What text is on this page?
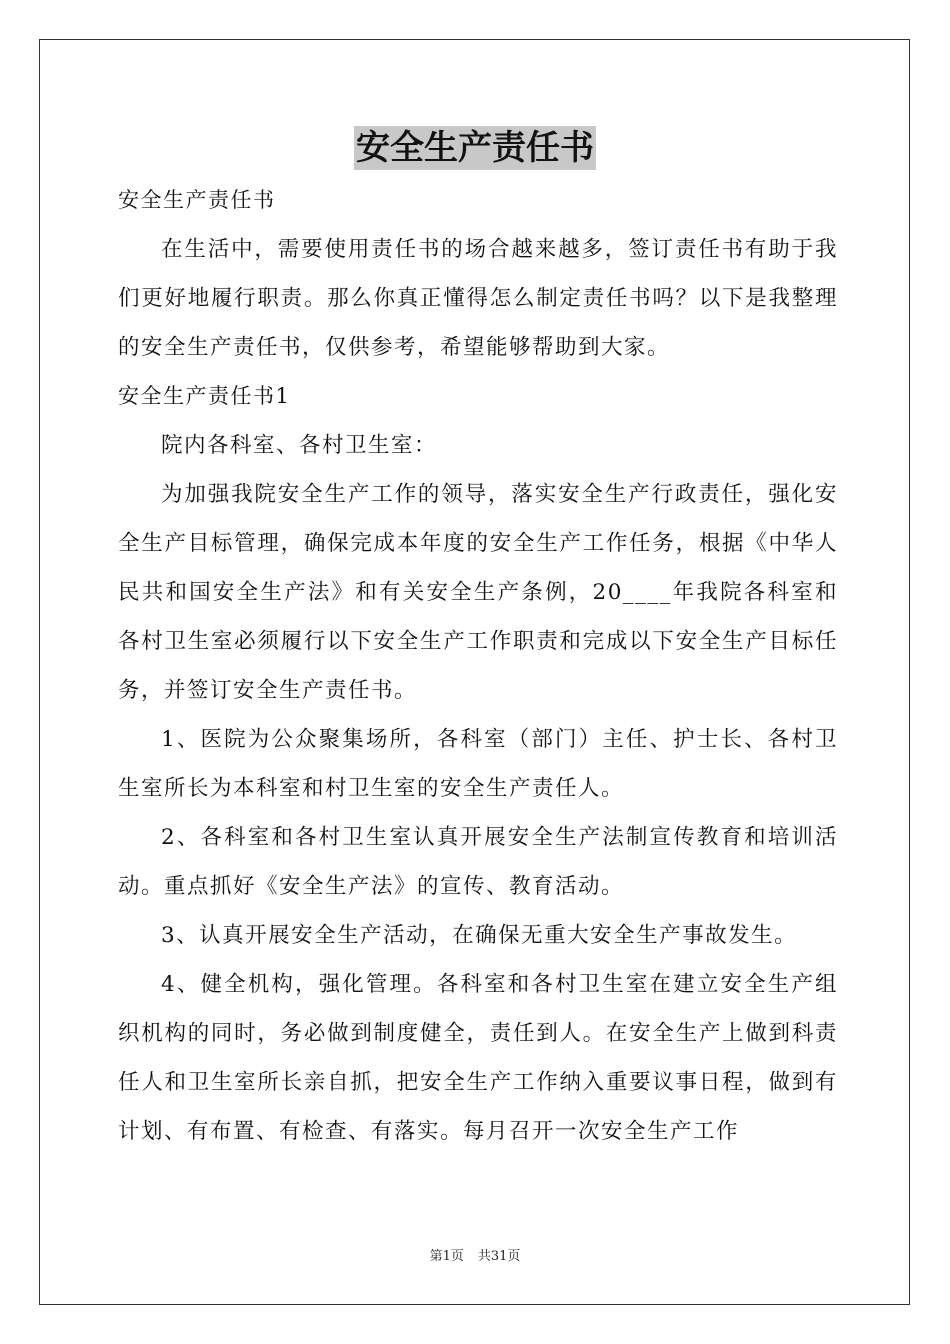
安全生产责任书

安全生产责任书

在生活中，需要使用责任书的场合越来越多，签订责任书有助于我们更好地履行职责。那么你真正懂得怎么制定责任书吗？以下是我整理的安全生产责任书，仅供参考，希望能够帮助到大家。

安全生产责任书1

院内各科室、各村卫生室：

为加强我院安全生产工作的领导，落实安全生产行政责任，强化安全生产目标管理，确保完成本年度的安全生产工作任务，根据《中华人民共和国安全生产法》和有关安全生产条例，20____年我院各科室和各村卫生室必须履行以下安全生产工作职责和完成以下安全生产目标任务，并签订安全生产责任书。

1、医院为公众聚集场所，各科室（部门）主任、护士长、各村卫生室所长为本科室和村卫生室的安全生产责任人。

2、各科室和各村卫生室认真开展安全生产法制宣传教育和培训活动。重点抓好《安全生产法》的宣传、教育活动。

3、认真开展安全生产活动，在确保无重大安全生产事故发生。

4、健全机构，强化管理。各科室和各村卫生室在建立安全生产组织机构的同时，务必做到制度健全，责任到人。在安全生产上做到科责任人和卫生室所长亲自抓，把安全生产工作纳入重要议事日程，做到有计划、有布置、有检查、有落实。每月召开一次安全生产工作

第1页 共31页
